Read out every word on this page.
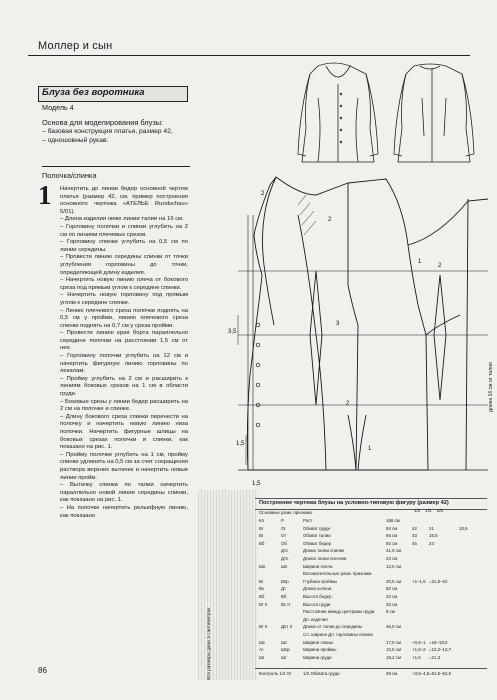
Моллер и сын
Блуза без воротника
Модель 4
Основа для моделирования блузы:
– базовая конструкция платья, размер 42,
– одношовный рукав.
Полочка/спинка
1 Начертить до линии бедер основной чертеж платья (размер 42, см. пример построения основного чертежа «АТЕЛЬЕ Rundschau» 5/01).

– Длина изделия ниже линии талии на 16 см.

– Горловину полочки и спинки углубить на 2 см по линиям плечевых срезов.

– Горловину спинки углубить на 0,5 см по линии середины.

– Провести линию середины спинки от точки углубления горловины до точки, определяющей длину изделия.

– Начертить новую линию плеча от бокового среза под прямым углом к середине спинки.

– Начертить новую горловину под прямым углом к середине спинки.

– Линию плечевого среза полочки поднять на 0,5 см у пройми, линию плечевого среза спинки поднять на 0,7 см у среза пройми.

– Провести линию края борта параллельно середине полочки на расстоянии 1,5 см от нее.

– Горловину полочки углубить на 12 см и начертить фигурную линию горловины по лекалам.

– Пройму углубить на 2 см и расширить к линиям боковых срезов на 1 см в области груди.

– Боковые срезы у линии бедер расширить на 2 см на полочке и спинке.

– Длину бокового среза спинки перенести на полочку и начертить новую линию низа полочки. Начертить фигурные шлицы на боковых срезах полочки и спинки, как показано на рис. 1.

– Пройму полочки углубить на 1 см, пройму спинки удлинить на 0,5 см за счет сокращения раствора верхних вытачек и начертить новые линии пройм.

– Вытачку спинки по талии начертить параллельно новой линии середины спинки, как показано на рис. 1.

– На полочке начертить рельефную линию, как показано

86
2
2
1
3,5
3
1,5
1
1,5
2
2
длина 16 см от талии
Все размеры даны в сантиметрах
Построение чертежа блузы на условно-типовую фигуру (размер 42)
Основные разм. признаки	1/2 1/4 1/8
Кл	Р	Рост	168 см
Вг	Ог	Обхват груди	84 см	42	21	10,5
Вт	От	Обхват талии	66 см	33	16,5
Вб	Об	Обхват бедер	92 см	46	23
Дтс	Длина талии спинки	41,5 см
Дтп	Длина талии полочки	43 см
Шп	Шп	Ширина плеча	12,5 см
Вспомогательные разм. признаки
Вг	Впр	Глубина проймы	20,5 см	+1–1,5 =21,5–22
Вк	Дт	Длина колена	60 см
Вб	Вб	Высота бедер	20 см
Вт II	Вс II	Высота груди	26 см
Расстояние между центрами груди	9 см
Дл. изделия
Вт II	Дпт II Длина от талии до середины	46,5 см
Сл. ширина Дл. горловины спинки
Шс	Шс	Ширина спины	17,5 см	+0,5–1 =18–18,5
Аг	Шпр	Ширина проймы	10,5 см	+1,5–2 =12,2–12,7
Шг	Шг	Ширина груди	18,2 см	+1,5 =21,3
Контроль 1/2 Ог	1/2 Обхвата груди	48 см	+3,5–4,5 =51,5–52,5
